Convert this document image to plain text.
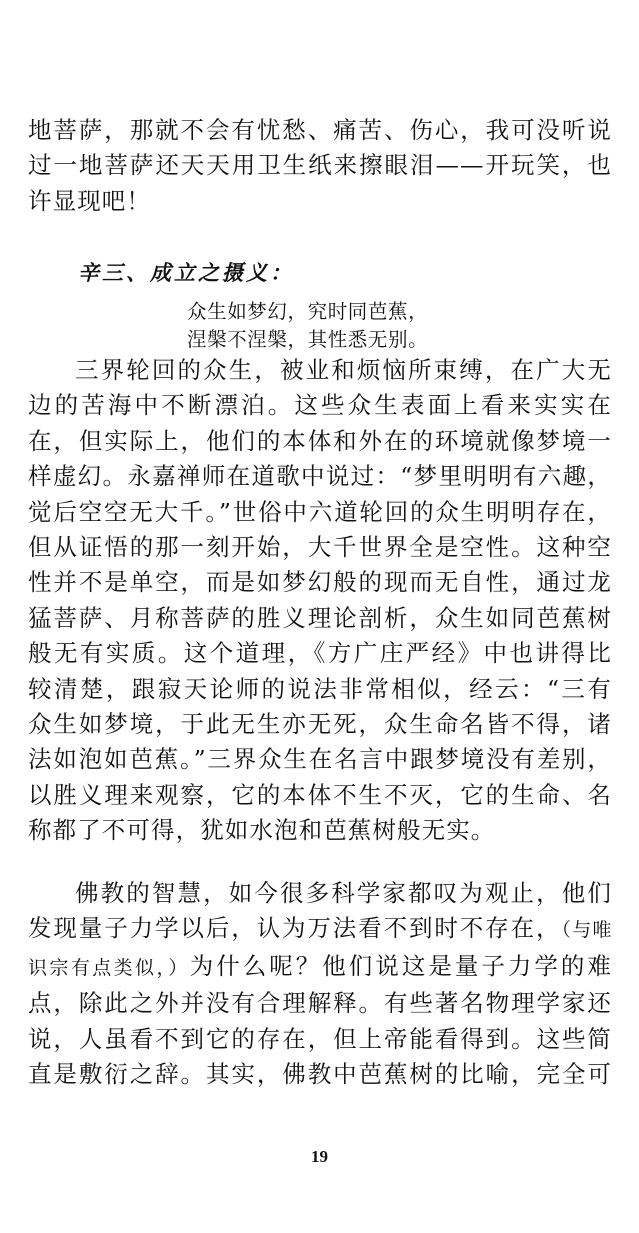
地菩萨，那就不会有忧愁、痛苦、伤心，我可没听说
过一地菩萨还天天用卫生纸来擦眼泪——开玩笑，也
许显现吧！

辛三、成立之摄义：

众生如梦幻，究时同芭蕉，

涅槃不涅槃，其性悉无别。

三界轮回的众生，被业和烦恼所束缚，在广大无
边的苦海中不断漂泊。这些众生表面上看来实实在
在，但实际上，他们的本体和外在的环境就像梦境一
样虚幻。永嘉禅师在道歌中说过：“梦里明明有六趣，
觉后空空无大千。”世俗中六道轮回的众生明明存在，
但从证悟的那一刻开始，大千世界全是空性。这种空
性并不是单空，而是如梦幻般的现而无自性，通过龙
猛菩萨、月称菩萨的胜义理论剖析，众生如同芭蕉树
般无有实质。这个道理，《方广庄严经》中也讲得比
较清楚，跟寂天论师的说法非常相似，经云：“三有
众生如梦境，于此无生亦无死，众生命名皆不得，诸
法如泡如芭蕉。”三界众生在名言中跟梦境没有差别，
以胜义理来观察，它的本体不生不灭，它的生命、名
称都了不可得，犹如水泡和芭蕉树般无实。
佛教的智慧，如今很多科学家都叹为观止，他们
发现量子力学以后，认为万法看不到时不存在，（与唯
识宗有点类似，）为什么呢？他们说这是量子力学的难
点，除此之外并没有合理解释。有些著名物理学家还
说，人虽看不到它的存在，但上帝能看得到。这些简
直是敷衍之辞。其实，佛教中芭蕉树的比喻，完全可

19
